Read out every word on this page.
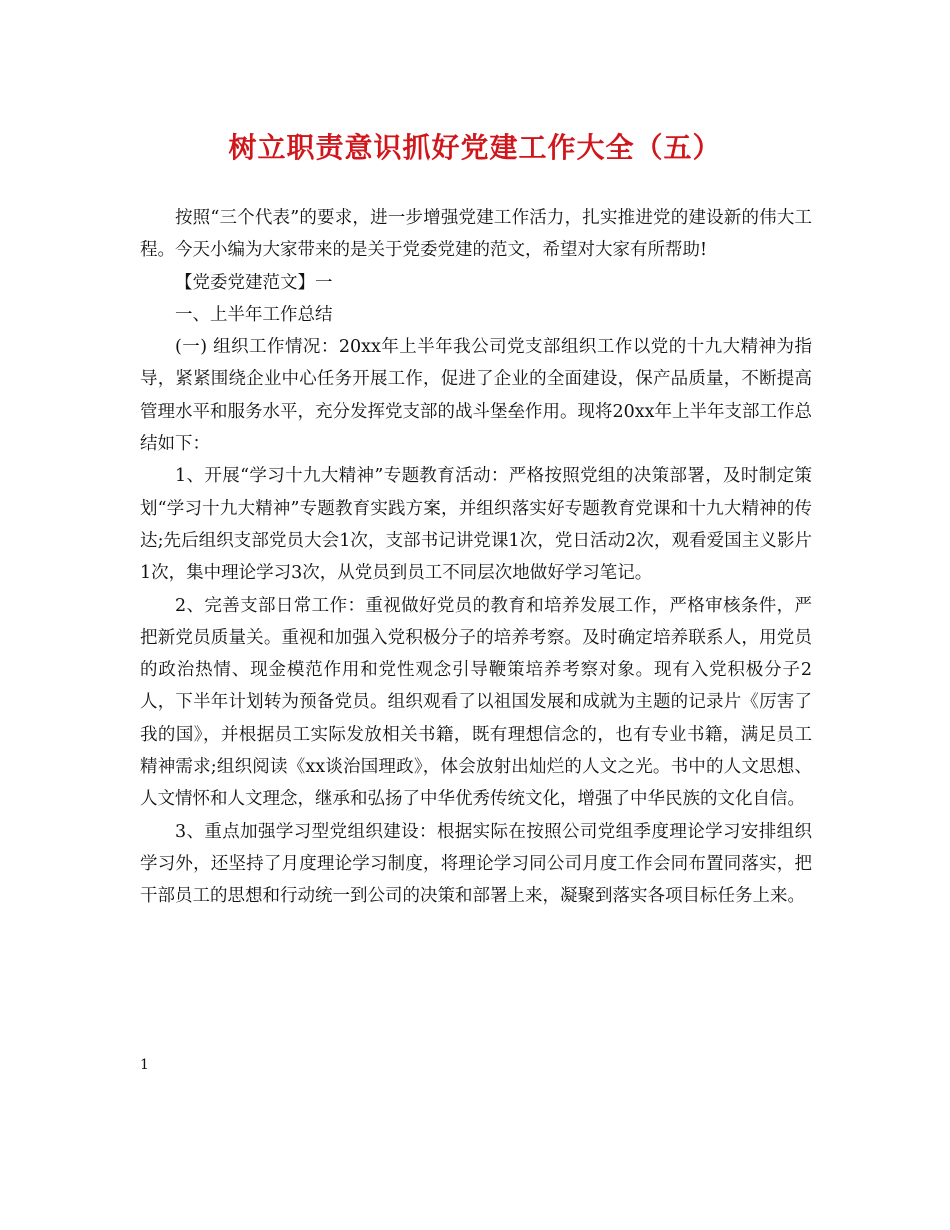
树立职责意识抓好党建工作大全（五）

按照“三个代表”的要求，进一步增强党建工作活力，扎实推进党的建设新的伟大工程。今天小编为大家带来的是关于党委党建的范文，希望对大家有所帮助!

【党委党建范文】一

一、上半年工作总结

(一) 组织工作情况：20xx年上半年我公司党支部组织工作以党的十九大精神为指导，紧紧围绕企业中心任务开展工作，促进了企业的全面建设，保产品质量，不断提高管理水平和服务水平，充分发挥党支部的战斗堡垒作用。现将20xx年上半年支部工作总结如下：

1、开展“学习十九大精神”专题教育活动：严格按照党组的决策部署，及时制定策划“学习十九大精神”专题教育实践方案，并组织落实好专题教育党课和十九大精神的传达;先后组织支部党员大会1次，支部书记讲党课1次，党日活动2次，观看爱国主义影片1次，集中理论学习3次，从党员到员工不同层次地做好学习笔记。

2、完善支部日常工作：重视做好党员的教育和培养发展工作，严格审核条件，严把新党员质量关。重视和加强入党积极分子的培养考察。及时确定培养联系人，用党员的政治热情、现金模范作用和党性观念引导鞭策培养考察对象。现有入党积极分子2人，下半年计划转为预备党员。组织观看了以祖国发展和成就为主题的记录片《厉害了我的国》，并根据员工实际发放相关书籍，既有理想信念的，也有专业书籍，满足员工精神需求;组织阅读《xx谈治国理政》，体会放射出灿烂的人文之光。书中的人文思想、人文情怀和人文理念，继承和弘扬了中华优秀传统文化，增强了中华民族的文化自信。

3、重点加强学习型党组织建设：根据实际在按照公司党组季度理论学习安排组织学习外，还坚持了月度理论学习制度，将理论学习同公司月度工作会同布置同落实，把干部员工的思想和行动统一到公司的决策和部署上来，凝聚到落实各项目标任务上来。

1
